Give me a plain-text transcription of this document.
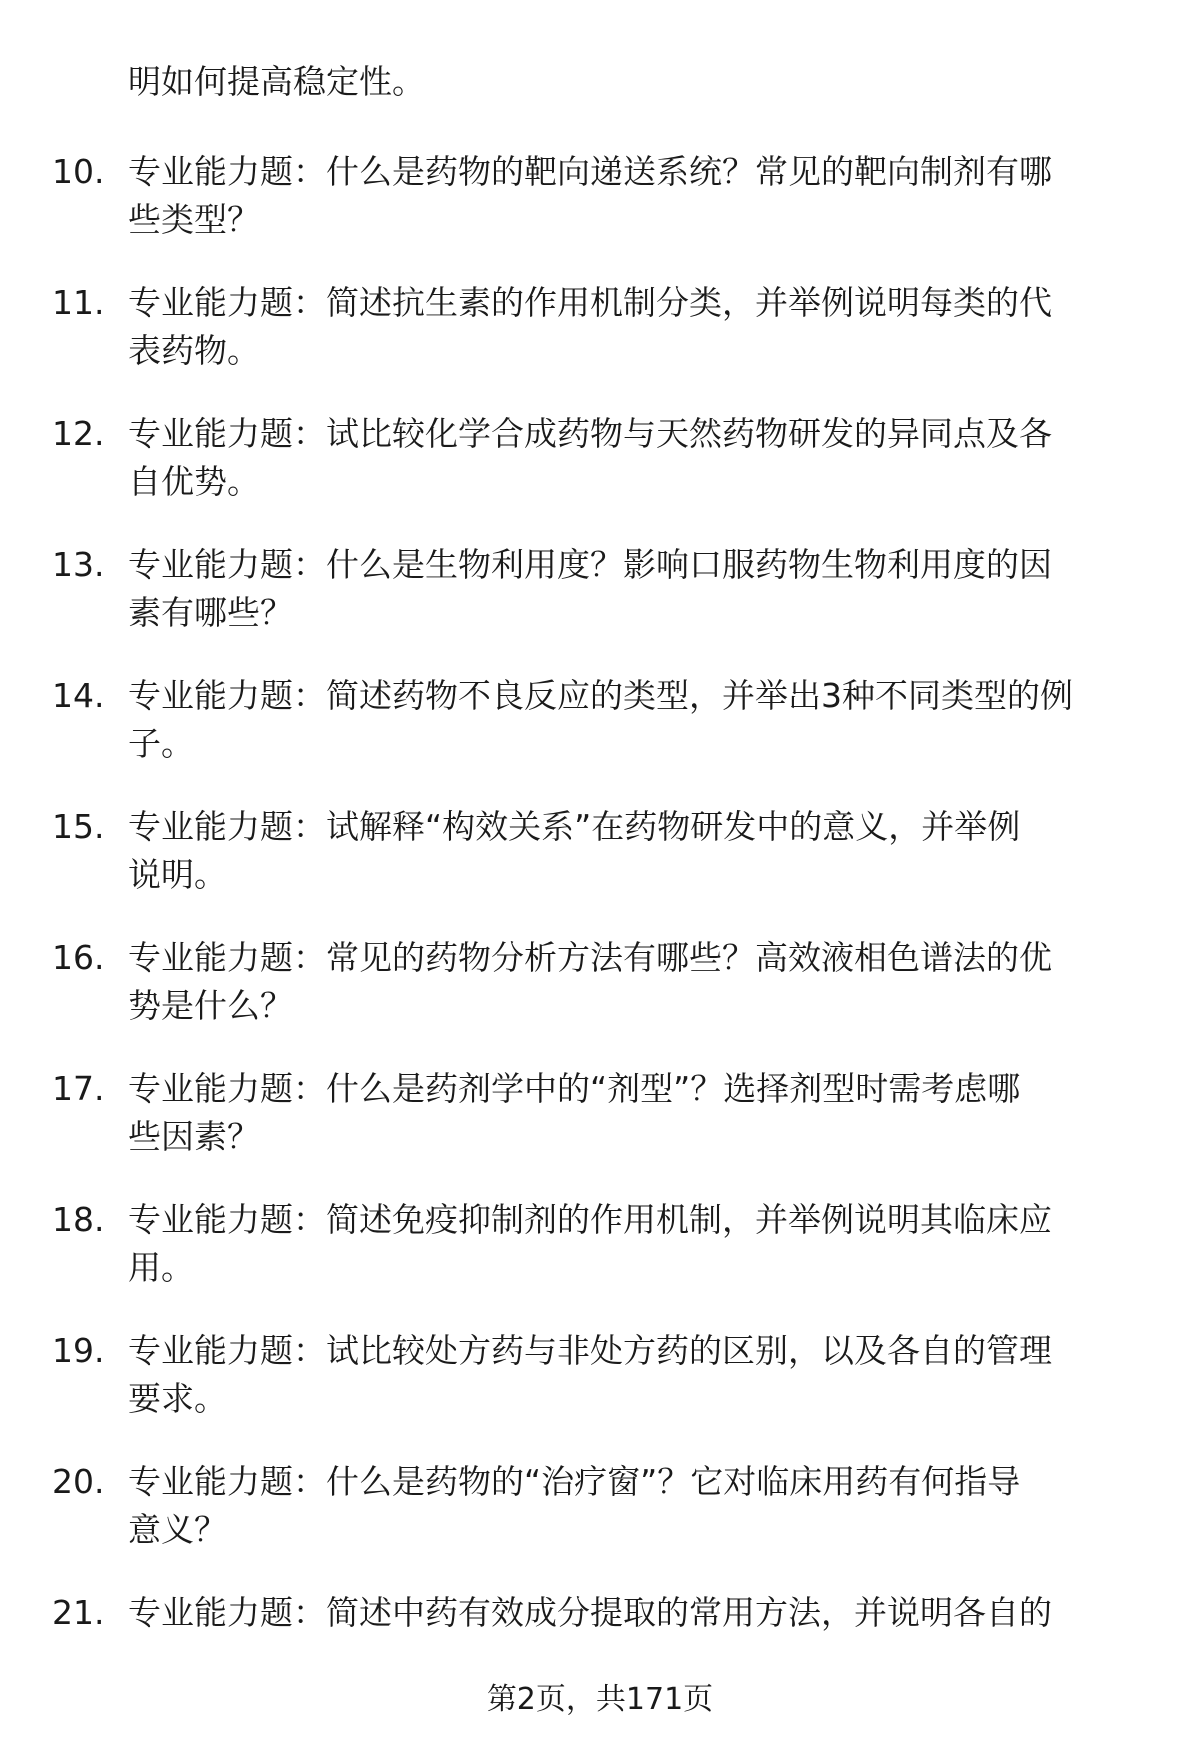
明如何提高稳定性。
10. 专业能力题：什么是药物的靶向递送系统？常见的靶向制剂有哪
些类型？
11. 专业能力题：简述抗生素的作用机制分类，并举例说明每类的代
表药物。
12. 专业能力题：试比较化学合成药物与天然药物研发的异同点及各
自优势。
13. 专业能力题：什么是生物利用度？影响口服药物生物利用度的因
素有哪些？
14. 专业能力题：简述药物不良反应的类型，并举出3种不同类型的例
子。
15. 专业能力题：试解释“构效关系”在药物研发中的意义，并举例
说明。
16. 专业能力题：常见的药物分析方法有哪些？高效液相色谱法的优
势是什么？
17. 专业能力题：什么是药剂学中的“剂型”？选择剂型时需考虑哪
些因素？
18. 专业能力题：简述免疫抑制剂的作用机制，并举例说明其临床应
用。
19. 专业能力题：试比较处方药与非处方药的区别，以及各自的管理
要求。
20. 专业能力题：什么是药物的“治疗窗”？它对临床用药有何指导
意义？
21. 专业能力题：简述中药有效成分提取的常用方法，并说明各自的
第2页，共171页
